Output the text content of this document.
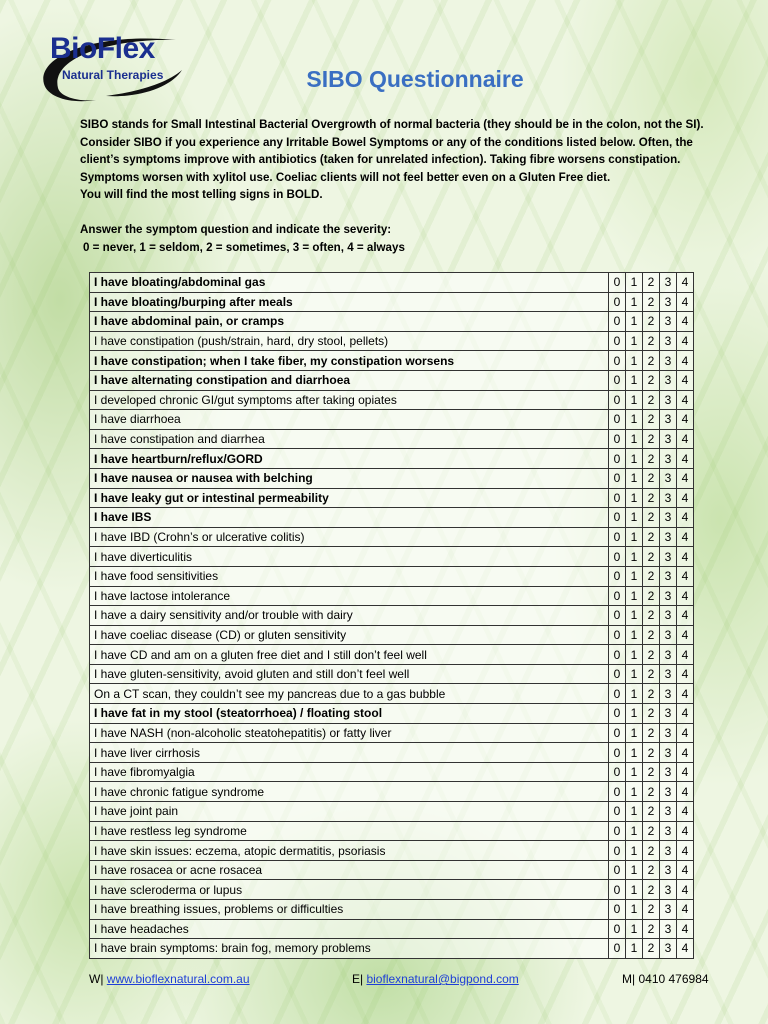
BioFlex
Natural Therapies	SIBO Questionnaire

SIBO stands for Small Intestinal Bacterial Overgrowth of normal bacteria (they should be in the colon, not the SI).

Consider SIBO if you experience any Irritable Bowel Symptoms or any of the conditions listed below. Often, the

client’s symptoms improve with antibiotics (taken for unrelated infection). Taking fibre worsens constipation.

Symptoms worsen with xylitol use. Coeliac clients will not feel better even on a Gluten Free diet.

You will find the most telling signs in BOLD.

Answer the symptom question and indicate the severity:

0 = never, 1 = seldom, 2 = sometimes, 3 = often, 4 = always

I have bloating/abdominal gas	0	1	2	3	4
I have bloating/burping after meals	0	1	2	3	4
I have abdominal pain, or cramps	0	1	2	3	4
I have constipation (push/strain, hard, dry stool, pellets)	0	1	2	3	4
I have constipation; when I take fiber, my constipation worsens	0	1	2	3	4
I have alternating constipation and diarrhoea	0	1	2	3	4
I developed chronic GI/gut symptoms after taking opiates	0	1	2	3	4
I have diarrhoea	0	1	2	3	4
I have constipation and diarrhea	0	1	2	3	4
I have heartburn/reflux/GORD	0	1	2	3	4
I have nausea or nausea with belching	0	1	2	3	4
I have leaky gut or intestinal permeability	0	1	2	3	4
I have IBS	0	1	2	3	4
I have IBD (Crohn’s or ulcerative colitis)	0	1	2	3	4
I have diverticulitis	0	1	2	3	4
I have food sensitivities	0	1	2	3	4
I have lactose intolerance	0	1	2	3	4
I have a dairy sensitivity and/or trouble with dairy	0	1	2	3	4
I have coeliac disease (CD) or gluten sensitivity	0	1	2	3	4
I have CD and am on a gluten free diet and I still don’t feel well	0	1	2	3	4
I have gluten-sensitivity, avoid gluten and still don’t feel well	0	1	2	3	4
On a CT scan, they couldn’t see my pancreas due to a gas bubble	0	1	2	3	4
I have fat in my stool (steatorrhoea) / floating stool	0	1	2	3	4
I have NASH (non-alcoholic steatohepatitis) or fatty liver	0	1	2	3	4
I have liver cirrhosis	0	1	2	3	4
I have fibromyalgia	0	1	2	3	4
I have chronic fatigue syndrome	0	1	2	3	4
I have joint pain	0	1	2	3	4
I have restless leg syndrome	0	1	2	3	4
I have skin issues: eczema, atopic dermatitis, psoriasis	0	1	2	3	4
I have rosacea or acne rosacea	0	1	2	3	4
I have scleroderma or lupus	0	1	2	3	4
I have breathing issues, problems or difficulties	0	1	2	3	4
I have headaches	0	1	2	3	4
I have brain symptoms: brain fog, memory problems	0	1	2	3	4
W| www.bioflexnatural.com.au	E| bioflexnatural@bigpond.com	M| 0410 476984
